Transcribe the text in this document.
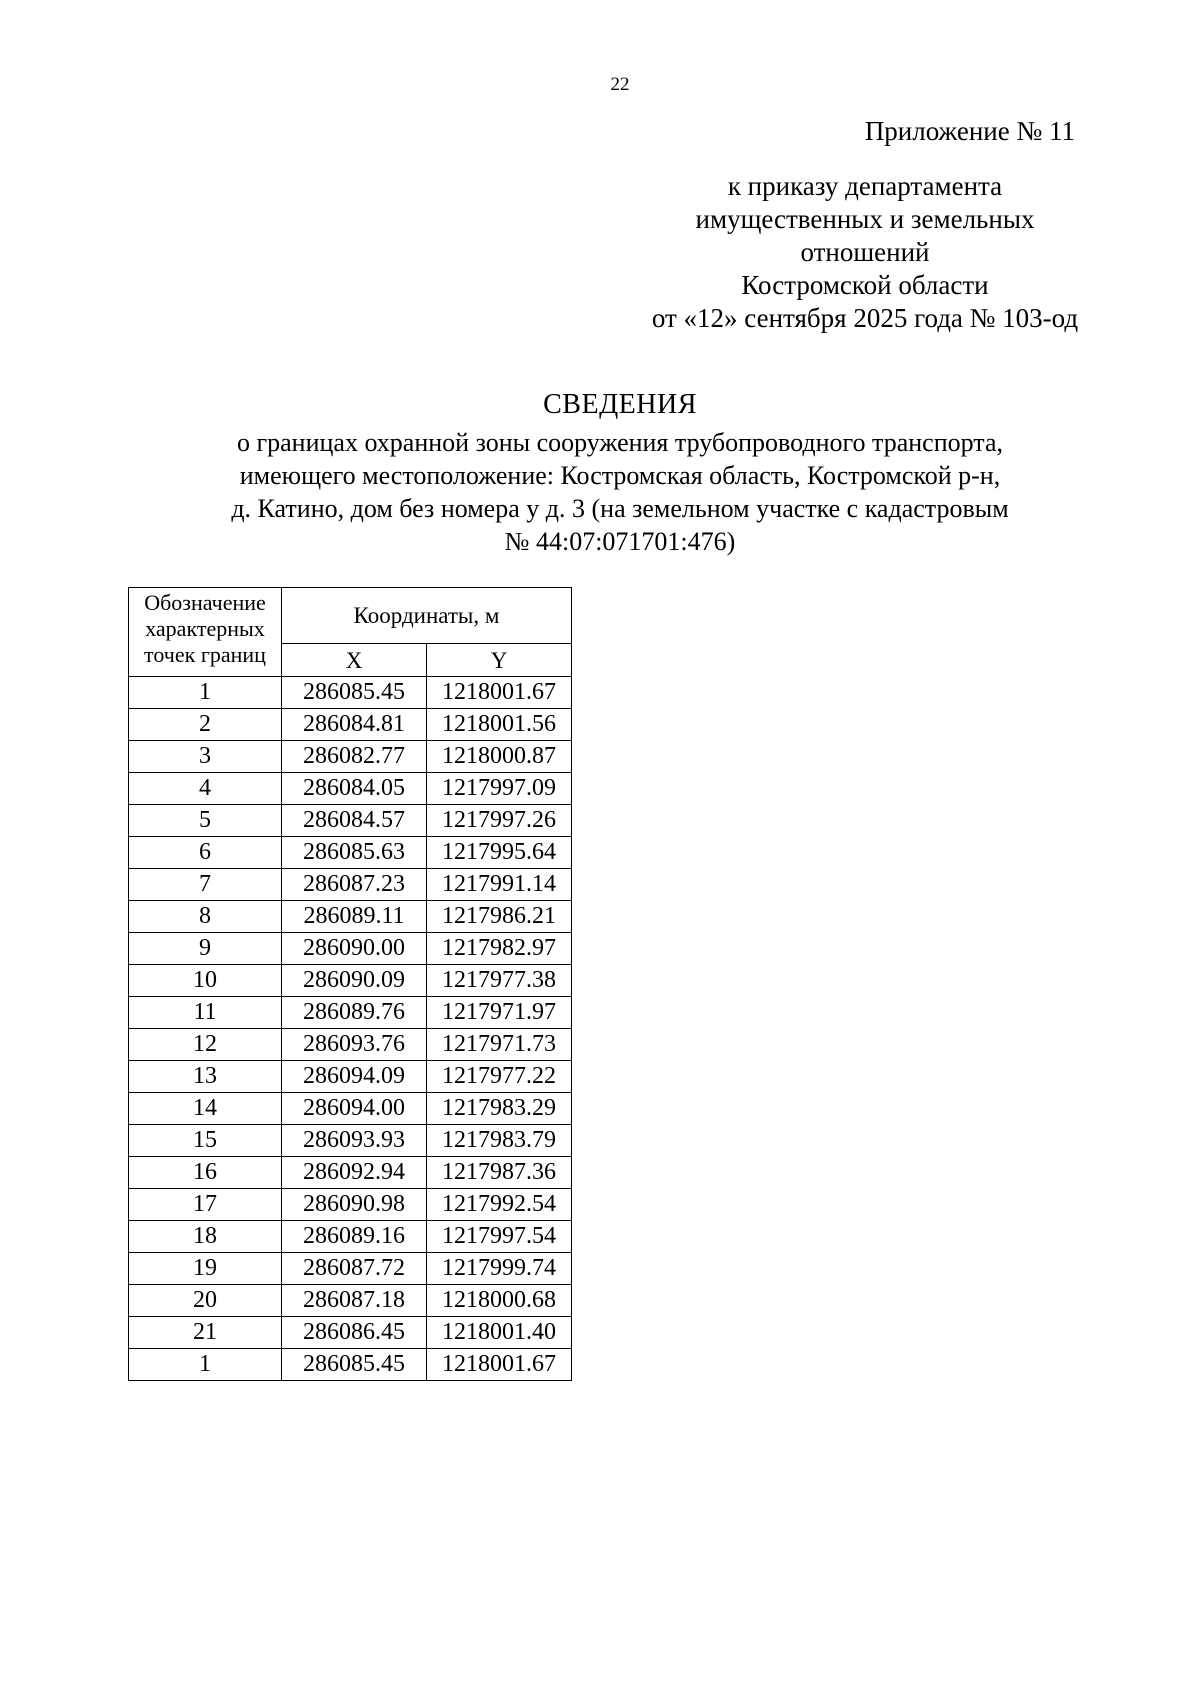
22
Приложение № 11
к приказу департамента
имущественных и земельных
отношений
Костромской области
от «12» сентября 2025 года № 103-од
СВЕДЕНИЯ
о границах охранной зоны сооружения трубопроводного транспорта,
имеющего местоположение: Костромская область, Костромской р-н,
д. Катино, дом без номера у д. 3 (на земельном участке с кадастровым
№ 44:07:071701:476)
Обозначение
характерных
точек границ	Координаты, м	
	X	Y
1	286085.45	1218001.67
2	286084.81	1218001.56
3	286082.77	1218000.87
4	286084.05	1217997.09
5	286084.57	1217997.26
6	286085.63	1217995.64
7	286087.23	1217991.14
8	286089.11	1217986.21
9	286090.00	1217982.97
10	286090.09	1217977.38
11	286089.76	1217971.97
12	286093.76	1217971.73
13	286094.09	1217977.22
14	286094.00	1217983.29
15	286093.93	1217983.79
16	286092.94	1217987.36
17	286090.98	1217992.54
18	286089.16	1217997.54
19	286087.72	1217999.74
20	286087.18	1218000.68
21	286086.45	1218001.40
1	286085.45	1218001.67
